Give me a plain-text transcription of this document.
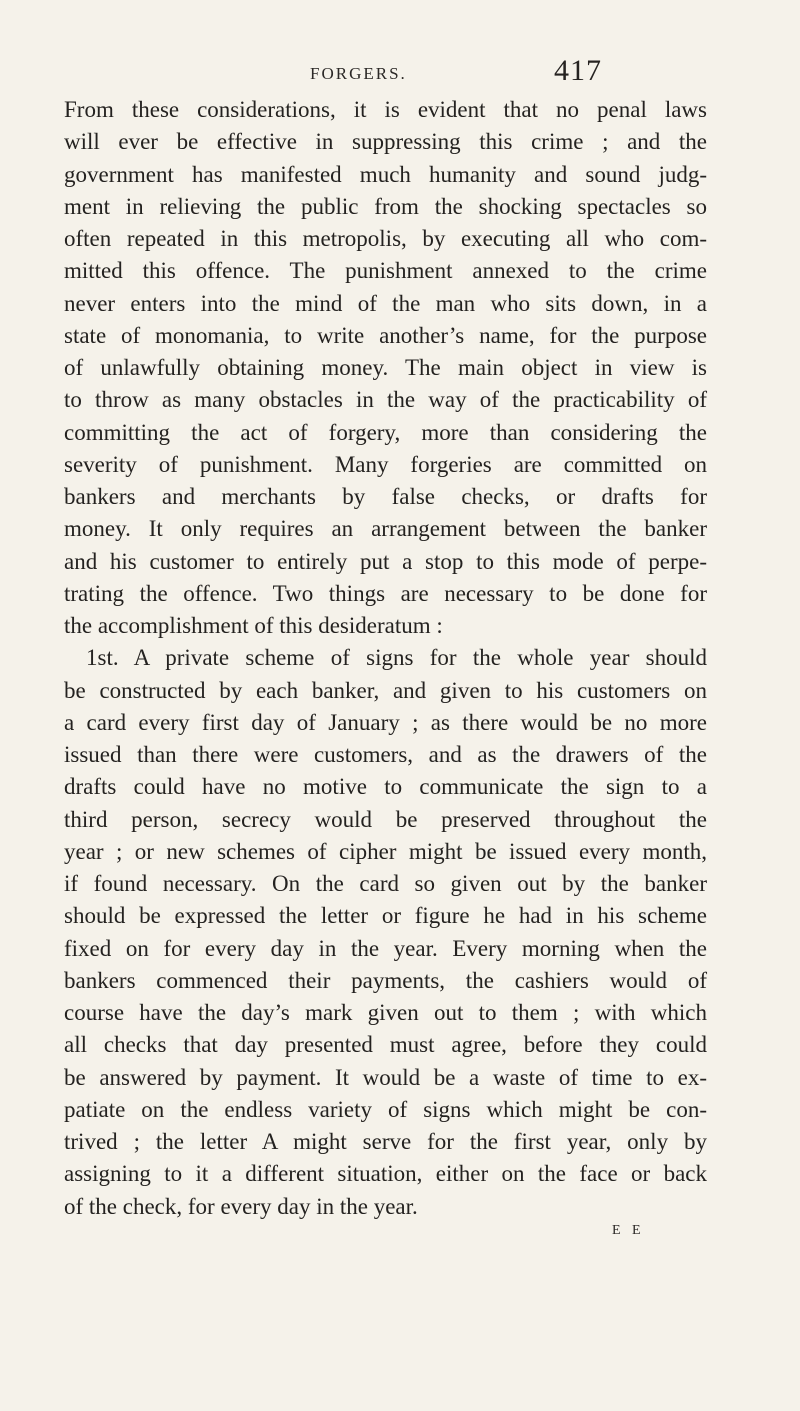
FORGERS.	417
From these considerations, it is evident that no penal laws
will ever be effective in suppressing this crime ; and the
government has manifested much humanity and sound judg-
ment in relieving the public from the shocking spectacles so
often repeated in this metropolis, by executing all who com-
mitted this offence. The punishment annexed to the crime
never enters into the mind of the man who sits down, in a
state of monomania, to write another’s name, for the purpose
of unlawfully obtaining money. The main object in view is
to throw as many obstacles in the way of the practicability of
committing the act of forgery, more than considering the
severity of punishment. Many forgeries are committed on
bankers and merchants by false checks, or drafts for
money. It only requires an arrangement between the banker
and his customer to entirely put a stop to this mode of perpe-
trating the offence. Two things are necessary to be done for
the accomplishment of this desideratum :
1st. A private scheme of signs for the whole year should
be constructed by each banker, and given to his customers on
a card every first day of January ; as there would be no more
issued than there were customers, and as the drawers of the
drafts could have no motive to communicate the sign to a
third person, secrecy would be preserved throughout the
year ; or new schemes of cipher might be issued every month,
if found necessary. On the card so given out by the banker
should be expressed the letter or figure he had in his scheme
fixed on for every day in the year. Every morning when the
bankers commenced their payments, the cashiers would of
course have the day’s mark given out to them ; with which
all checks that day presented must agree, before they could
be answered by payment. It would be a waste of time to ex-
patiate on the endless variety of signs which might be con-
trived ; the letter A might serve for the first year, only by
assigning to it a different situation, either on the face or back
of the check, for every day in the year.
E E
